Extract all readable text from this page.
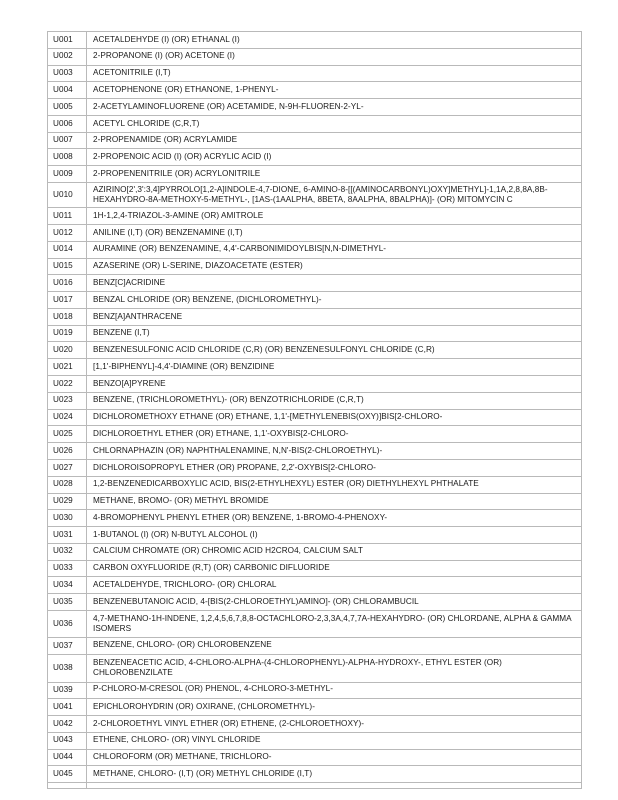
U001	ACETALDEHYDE (I) (OR) ETHANAL (I)
U002	2-PROPANONE (I) (OR) ACETONE (I)
U003	ACETONITRILE (I,T)
U004	ACETOPHENONE (OR) ETHANONE, 1-PHENYL-
U005	2-ACETYLAMINOFLUORENE (OR) ACETAMIDE, N-9H-FLUOREN-2-YL-
U006	ACETYL CHLORIDE (C,R,T)
U007	2-PROPENAMIDE (OR) ACRYLAMIDE
U008	2-PROPENOIC ACID (I) (OR) ACRYLIC ACID (I)
U009	2-PROPENENITRILE (OR) ACRYLONITRILE
U010	AZIRINO[2',3':3,4]PYRROLO[1,2-A]INDOLE-4,7-DIONE, 6-AMINO-8-[[(AMINOCARBONYL)OXY]METHYL]-1,1A,2,8,8A,8B-HEXAHYDRO-8A-METHOXY-5-METHYL-, [1AS-(1AALPHA, 8BETA, 8AALPHA, 8BALPHA)]- (OR) MITOMYCIN C
U011	1H-1,2,4-TRIAZOL-3-AMINE (OR) AMITROLE
U012	ANILINE (I,T) (OR) BENZENAMINE (I,T)
U014	AURAMINE (OR) BENZENAMINE, 4,4'-CARBONIMIDOYLBIS[N,N-DIMETHYL-
U015	AZASERINE (OR) L-SERINE, DIAZOACETATE (ESTER)
U016	BENZ[C]ACRIDINE
U017	BENZAL CHLORIDE (OR) BENZENE, (DICHLOROMETHYL)-
U018	BENZ[A]ANTHRACENE
U019	BENZENE (I,T)
U020	BENZENESULFONIC ACID CHLORIDE (C,R) (OR) BENZENESULFONYL CHLORIDE (C,R)
U021	[1,1'-BIPHENYL]-4,4'-DIAMINE (OR) BENZIDINE
U022	BENZO[A]PYRENE
U023	BENZENE, (TRICHLOROMETHYL)- (OR) BENZOTRICHLORIDE (C,R,T)
U024	DICHLOROMETHOXY ETHANE (OR) ETHANE, 1,1'-[METHYLENEBIS(OXY)]BIS[2-CHLORO-
U025	DICHLOROETHYL ETHER (OR) ETHANE, 1,1'-OXYBIS[2-CHLORO-
U026	CHLORNAPHAZIN (OR) NAPHTHALENAMINE, N,N'-BIS(2-CHLOROETHYL)-
U027	DICHLOROISOPROPYL ETHER (OR) PROPANE, 2,2'-OXYBIS[2-CHLORO-
U028	1,2-BENZENEDICARBOXYLIC ACID, BIS(2-ETHYLHEXYL) ESTER (OR) DIETHYLHEXYL PHTHALATE
U029	METHANE, BROMO- (OR) METHYL BROMIDE
U030	4-BROMOPHENYL PHENYL ETHER (OR) BENZENE, 1-BROMO-4-PHENOXY-
U031	1-BUTANOL (I) (OR) N-BUTYL ALCOHOL (I)
U032	CALCIUM CHROMATE (OR) CHROMIC ACID H2CRO4, CALCIUM SALT
U033	CARBON OXYFLUORIDE (R,T) (OR) CARBONIC DIFLUORIDE
U034	ACETALDEHYDE, TRICHLORO- (OR) CHLORAL
U035	BENZENEBUTANOIC ACID, 4-[BIS(2-CHLOROETHYL)AMINO]- (OR) CHLORAMBUCIL
U036	4,7-METHANO-1H-INDENE, 1,2,4,5,6,7,8,8-OCTACHLORO-2,3,3A,4,7,7A-HEXAHYDRO- (OR) CHLORDANE, ALPHA & GAMMA ISOMERS
U037	BENZENE, CHLORO- (OR) CHLOROBENZENE
U038	BENZENEACETIC ACID, 4-CHLORO-ALPHA-(4-CHLOROPHENYL)-ALPHA-HYDROXY-, ETHYL ESTER (OR) CHLOROBENZILATE
U039	P-CHLORO-M-CRESOL (OR) PHENOL, 4-CHLORO-3-METHYL-
U041	EPICHLOROHYDRIN (OR) OXIRANE, (CHLOROMETHYL)-
U042	2-CHLOROETHYL VINYL ETHER (OR) ETHENE, (2-CHLOROETHOXY)-
U043	ETHENE, CHLORO- (OR) VINYL CHLORIDE
U044	CHLOROFORM (OR) METHANE, TRICHLORO-
U045	METHANE, CHLORO- (I,T) (OR) METHYL CHLORIDE (I,T)
